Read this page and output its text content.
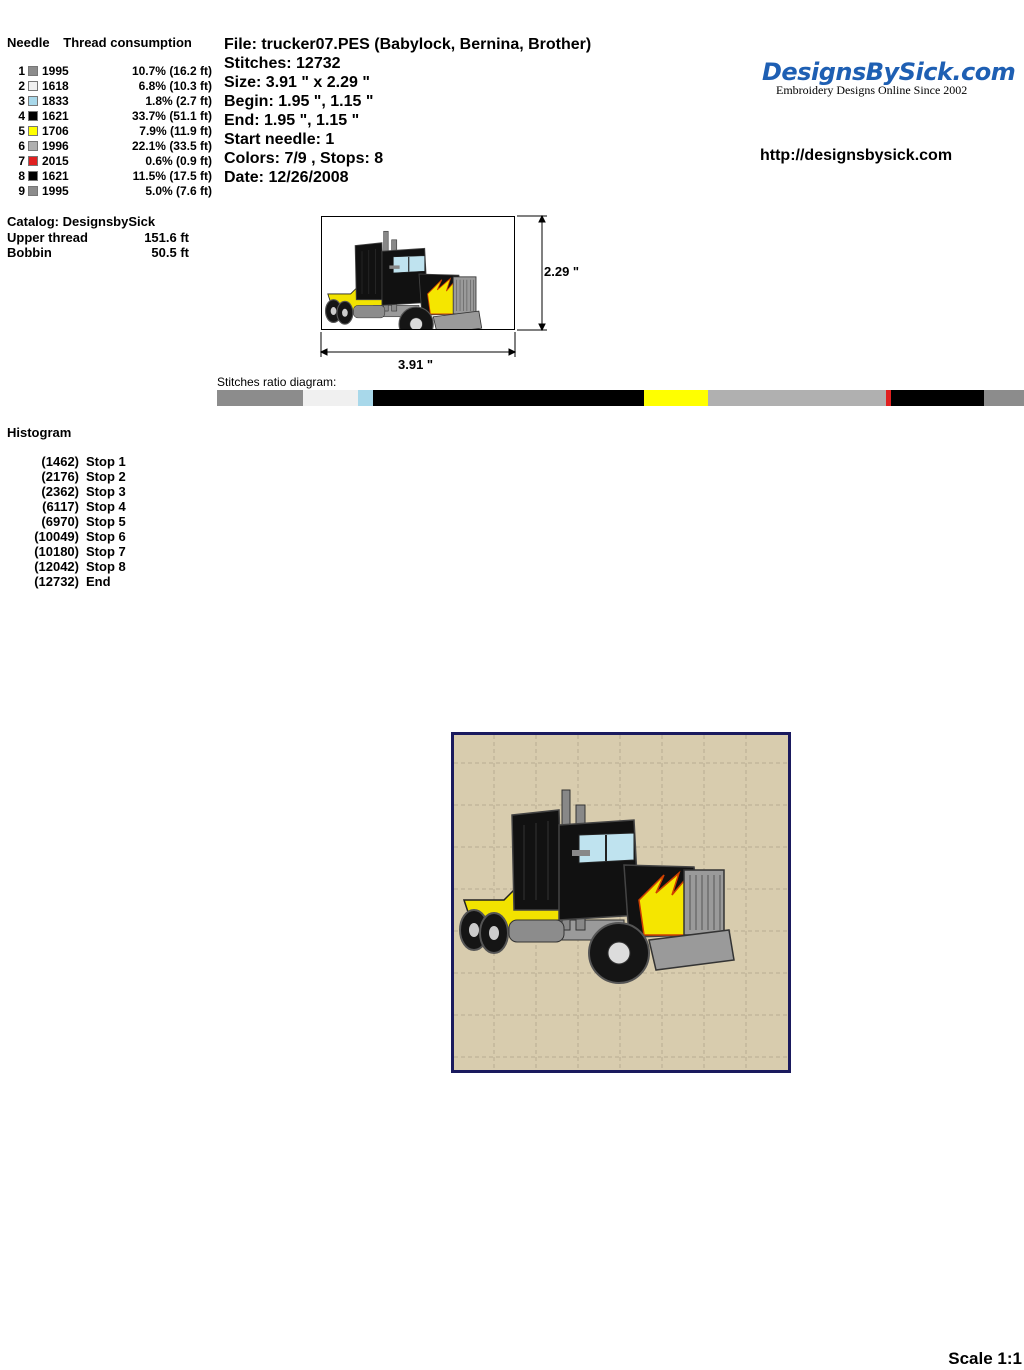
Needle Thread consumption
1 1995	10.7% (16.2 ft)
2 1618	6.8% (10.3 ft)
3 1833	1.8% (2.7 ft)
4 1621	33.7% (51.1 ft)
5 1706	7.9% (11.9 ft)
6 1996	22.1% (33.5 ft)
7 2015	0.6% (0.9 ft)
8 1621	11.5% (17.5 ft)
9 1995	5.0% (7.6 ft)
Catalog: DesignsbySick
Upper thread	151.6 ft
Bobbin	50.5 ft
File: trucker07.PES (Babylock, Bernina, Brother)
Stitches: 12732
Size: 3.91 " x 2.29 "
Begin: 1.95 ", 1.15 "
End: 1.95 ", 1.15 "
Start needle: 1
Colors: 7/9 , Stops: 8
Date: 12/26/2008
DesignsBySick.com
Embroidery Designs Online Since 2002
http://designsbysick.com
3.91 "
2.29 "
Stitches ratio diagram:
Histogram
(1462) Stop 1
(2176) Stop 2
(2362) Stop 3
(6117) Stop 4
(6970) Stop 5
(10049) Stop 6
(10180) Stop 7
(12042) Stop 8
(12732) End
Scale 1:1
